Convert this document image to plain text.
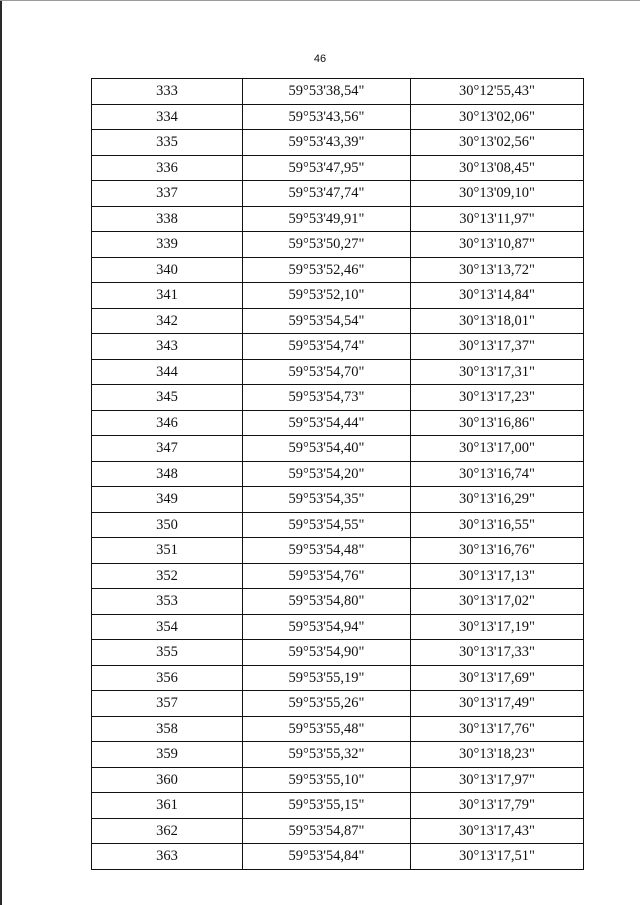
46
333	59°53'38,54"	30°12'55,43"
334	59°53'43,56"	30°13'02,06"
335	59°53'43,39"	30°13'02,56"
336	59°53'47,95"	30°13'08,45"
337	59°53'47,74"	30°13'09,10"
338	59°53'49,91"	30°13'11,97"
339	59°53'50,27"	30°13'10,87"
340	59°53'52,46"	30°13'13,72"
341	59°53'52,10"	30°13'14,84"
342	59°53'54,54"	30°13'18,01"
343	59°53'54,74"	30°13'17,37"
344	59°53'54,70"	30°13'17,31"
345	59°53'54,73"	30°13'17,23"
346	59°53'54,44"	30°13'16,86"
347	59°53'54,40"	30°13'17,00"
348	59°53'54,20"	30°13'16,74"
349	59°53'54,35"	30°13'16,29"
350	59°53'54,55"	30°13'16,55"
351	59°53'54,48"	30°13'16,76"
352	59°53'54,76"	30°13'17,13"
353	59°53'54,80"	30°13'17,02"
354	59°53'54,94"	30°13'17,19"
355	59°53'54,90"	30°13'17,33"
356	59°53'55,19"	30°13'17,69"
357	59°53'55,26"	30°13'17,49"
358	59°53'55,48"	30°13'17,76"
359	59°53'55,32"	30°13'18,23"
360	59°53'55,10"	30°13'17,97"
361	59°53'55,15"	30°13'17,79"
362	59°53'54,87"	30°13'17,43"
363	59°53'54,84"	30°13'17,51"
